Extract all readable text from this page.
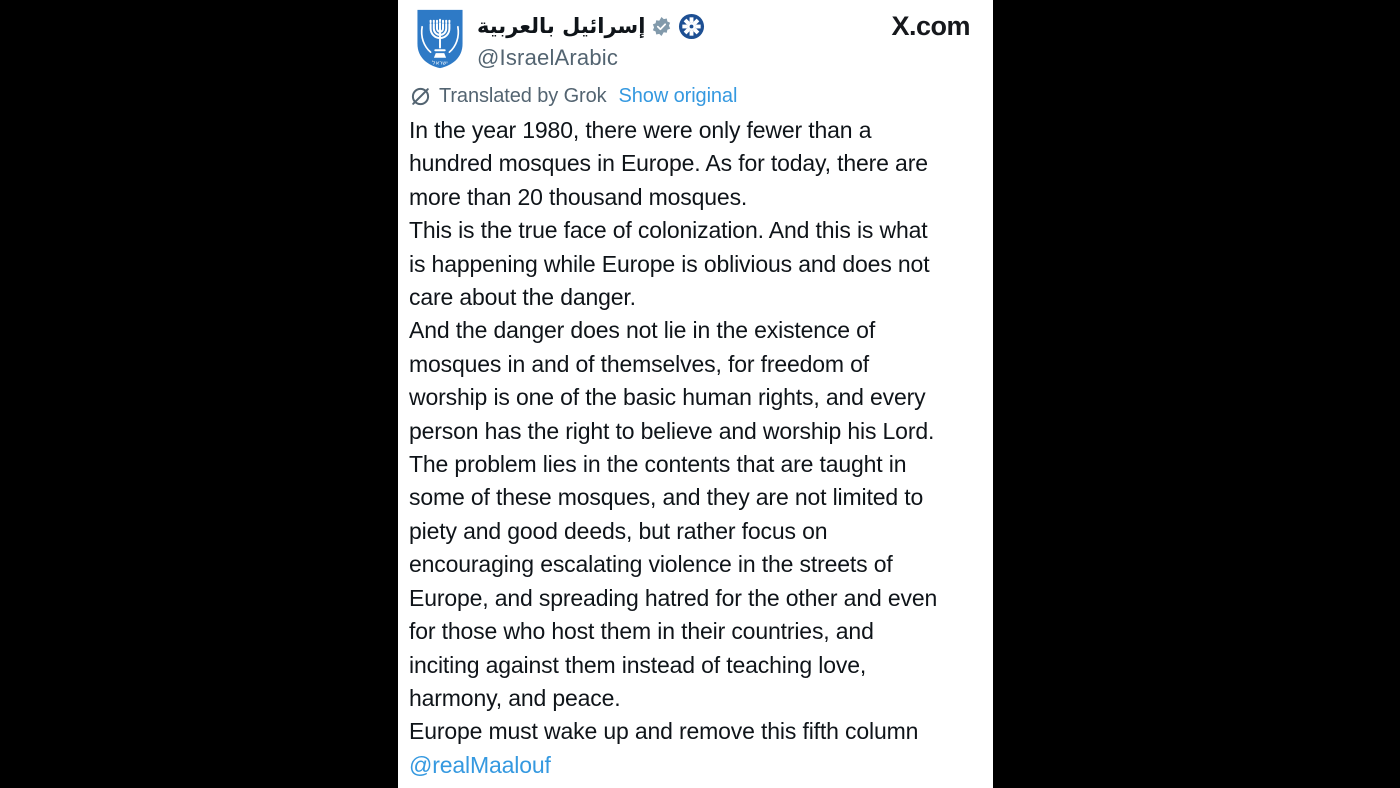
ישראל
إسرائيل بالعربية
@IsraelArabic
X.com
Translated by Grok Show original
In the year 1980, there were only fewer than a
hundred mosques in Europe. As for today, there are
more than 20 thousand mosques.
This is the true face of colonization. And this is what
is happening while Europe is oblivious and does not
care about the danger.
And the danger does not lie in the existence of
mosques in and of themselves, for freedom of
worship is one of the basic human rights, and every
person has the right to believe and worship his Lord.
The problem lies in the contents that are taught in
some of these mosques, and they are not limited to
piety and good deeds, but rather focus on
encouraging escalating violence in the streets of
Europe, and spreading hatred for the other and even
for those who host them in their countries, and
inciting against them instead of teaching love,
harmony, and peace.
Europe must wake up and remove this fifth column
@realMaalouf
